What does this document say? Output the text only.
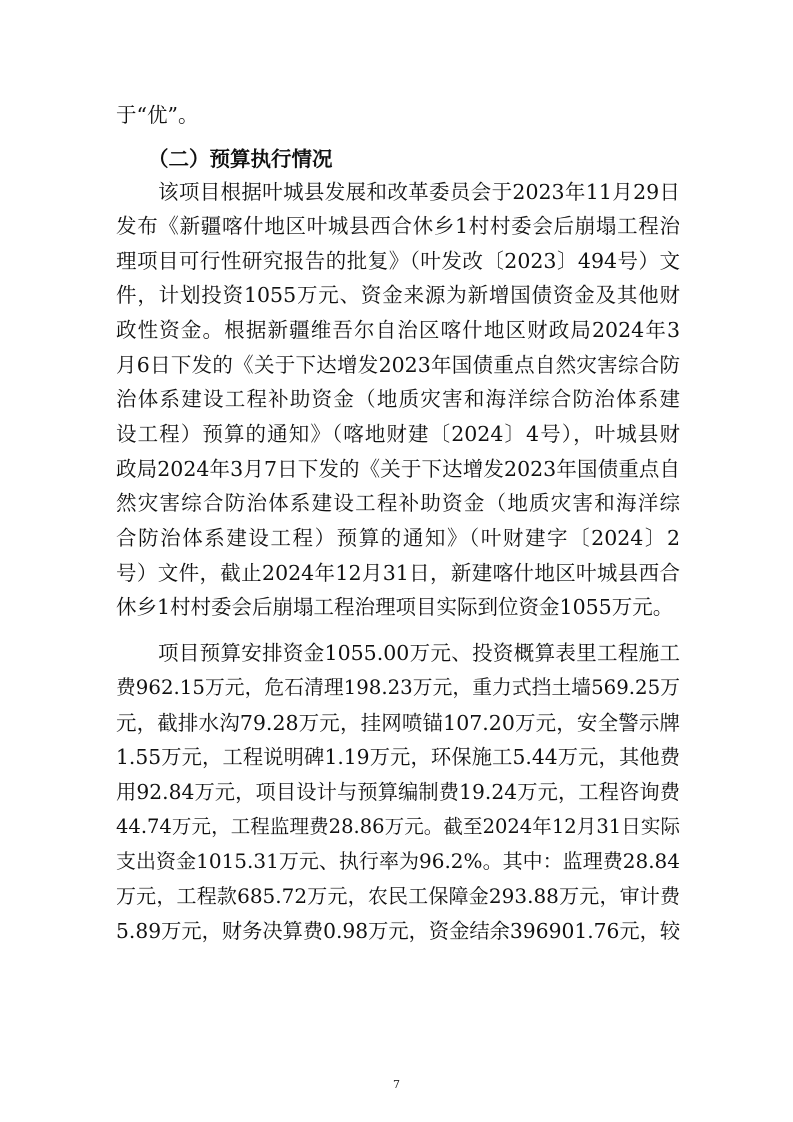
于“优”。
（二）预算执行情况
该项目根据叶城县发展和改革委员会于2023年11月29日
发布《新疆喀什地区叶城县西合休乡1村村委会后崩塌工程治
理项目可行性研究报告的批复》（叶发改〔2023〕494号）文
件，计划投资1055万元、资金来源为新增国债资金及其他财
政性资金。根据新疆维吾尔自治区喀什地区财政局2024年3
月6日下发的《关于下达增发2023年国债重点自然灾害综合防
治体系建设工程补助资金（地质灾害和海洋综合防治体系建
设工程）预算的通知》（喀地财建〔2024〕4号），叶城县财
政局2024年3月7日下发的《关于下达增发2023年国债重点自
然灾害综合防治体系建设工程补助资金（地质灾害和海洋综
合防治体系建设工程）预算的通知》（叶财建字〔2024〕2
号）文件，截止2024年12月31日，新建喀什地区叶城县西合
休乡1村村委会后崩塌工程治理项目实际到位资金1055万元。
项目预算安排资金1055.00万元、投资概算表里工程施工
费962.15万元，危石清理198.23万元，重力式挡土墙569.25万
元，截排水沟79.28万元，挂网喷锚107.20万元，安全警示牌
1.55万元，工程说明碑1.19万元，环保施工5.44万元，其他费
用92.84万元，项目设计与预算编制费19.24万元，工程咨询费
44.74万元，工程监理费28.86万元。截至2024年12月31日实际
支出资金1015.31万元、执行率为96.2%。其中：监理费28.84
万元，工程款685.72万元，农民工保障金293.88万元，审计费
5.89万元，财务决算费0.98万元，资金结余396901.76元，较
7
